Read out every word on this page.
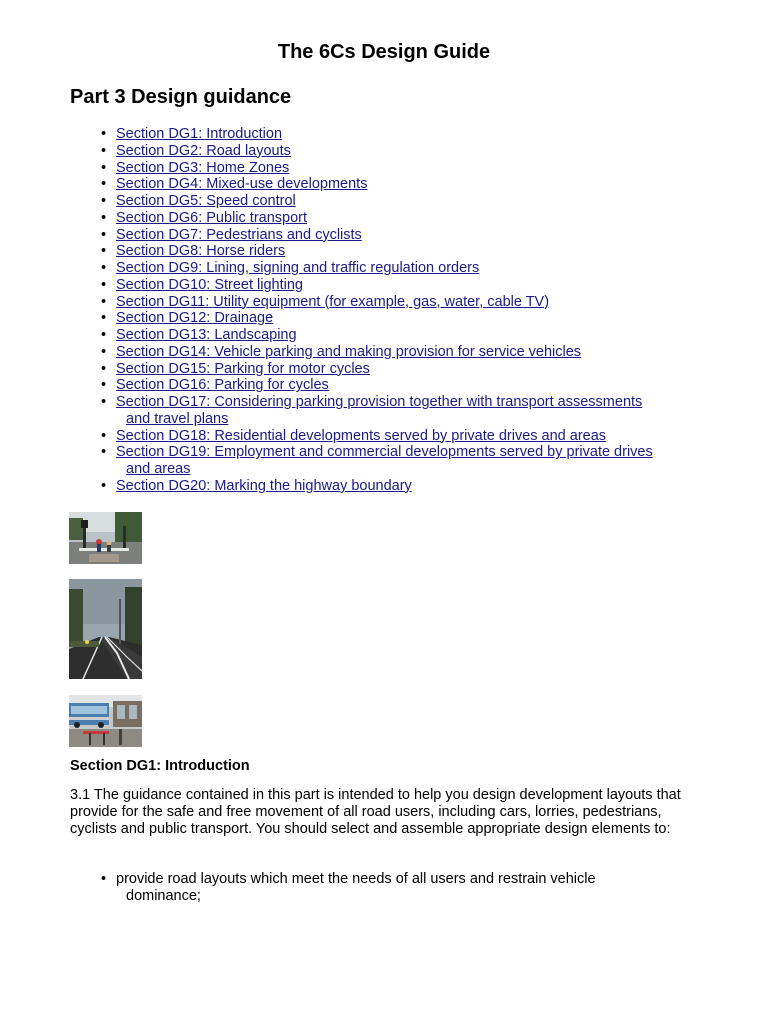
The 6Cs Design Guide
Part 3 Design guidance
• Section DG1: Introduction
• Section DG2: Road layouts
• Section DG3: Home Zones
• Section DG4: Mixed-use developments
• Section DG5: Speed control
• Section DG6: Public transport
• Section DG7: Pedestrians and cyclists
• Section DG8: Horse riders
• Section DG9: Lining, signing and traffic regulation orders
• Section DG10: Street lighting
• Section DG11: Utility equipment (for example, gas, water, cable TV)
• Section DG12: Drainage
• Section DG13: Landscaping
• Section DG14: Vehicle parking and making provision for service vehicles
• Section DG15: Parking for motor cycles
• Section DG16: Parking for cycles
• Section DG17: Considering parking provision together with transport assessments
and travel plans
• Section DG18: Residential developments served by private drives and areas
• Section DG19: Employment and commercial developments served by private drives
and areas
• Section DG20: Marking the highway boundary
Section DG1: Introduction

3.1 The guidance contained in this part is intended to help you design development layouts that provide for the safe and free movement of all road users, including cars, lorries, pedestrians, cyclists and public transport. You should select and assemble appropriate design elements to:

• provide road layouts which meet the needs of all users and restrain vehicle
dominance;
